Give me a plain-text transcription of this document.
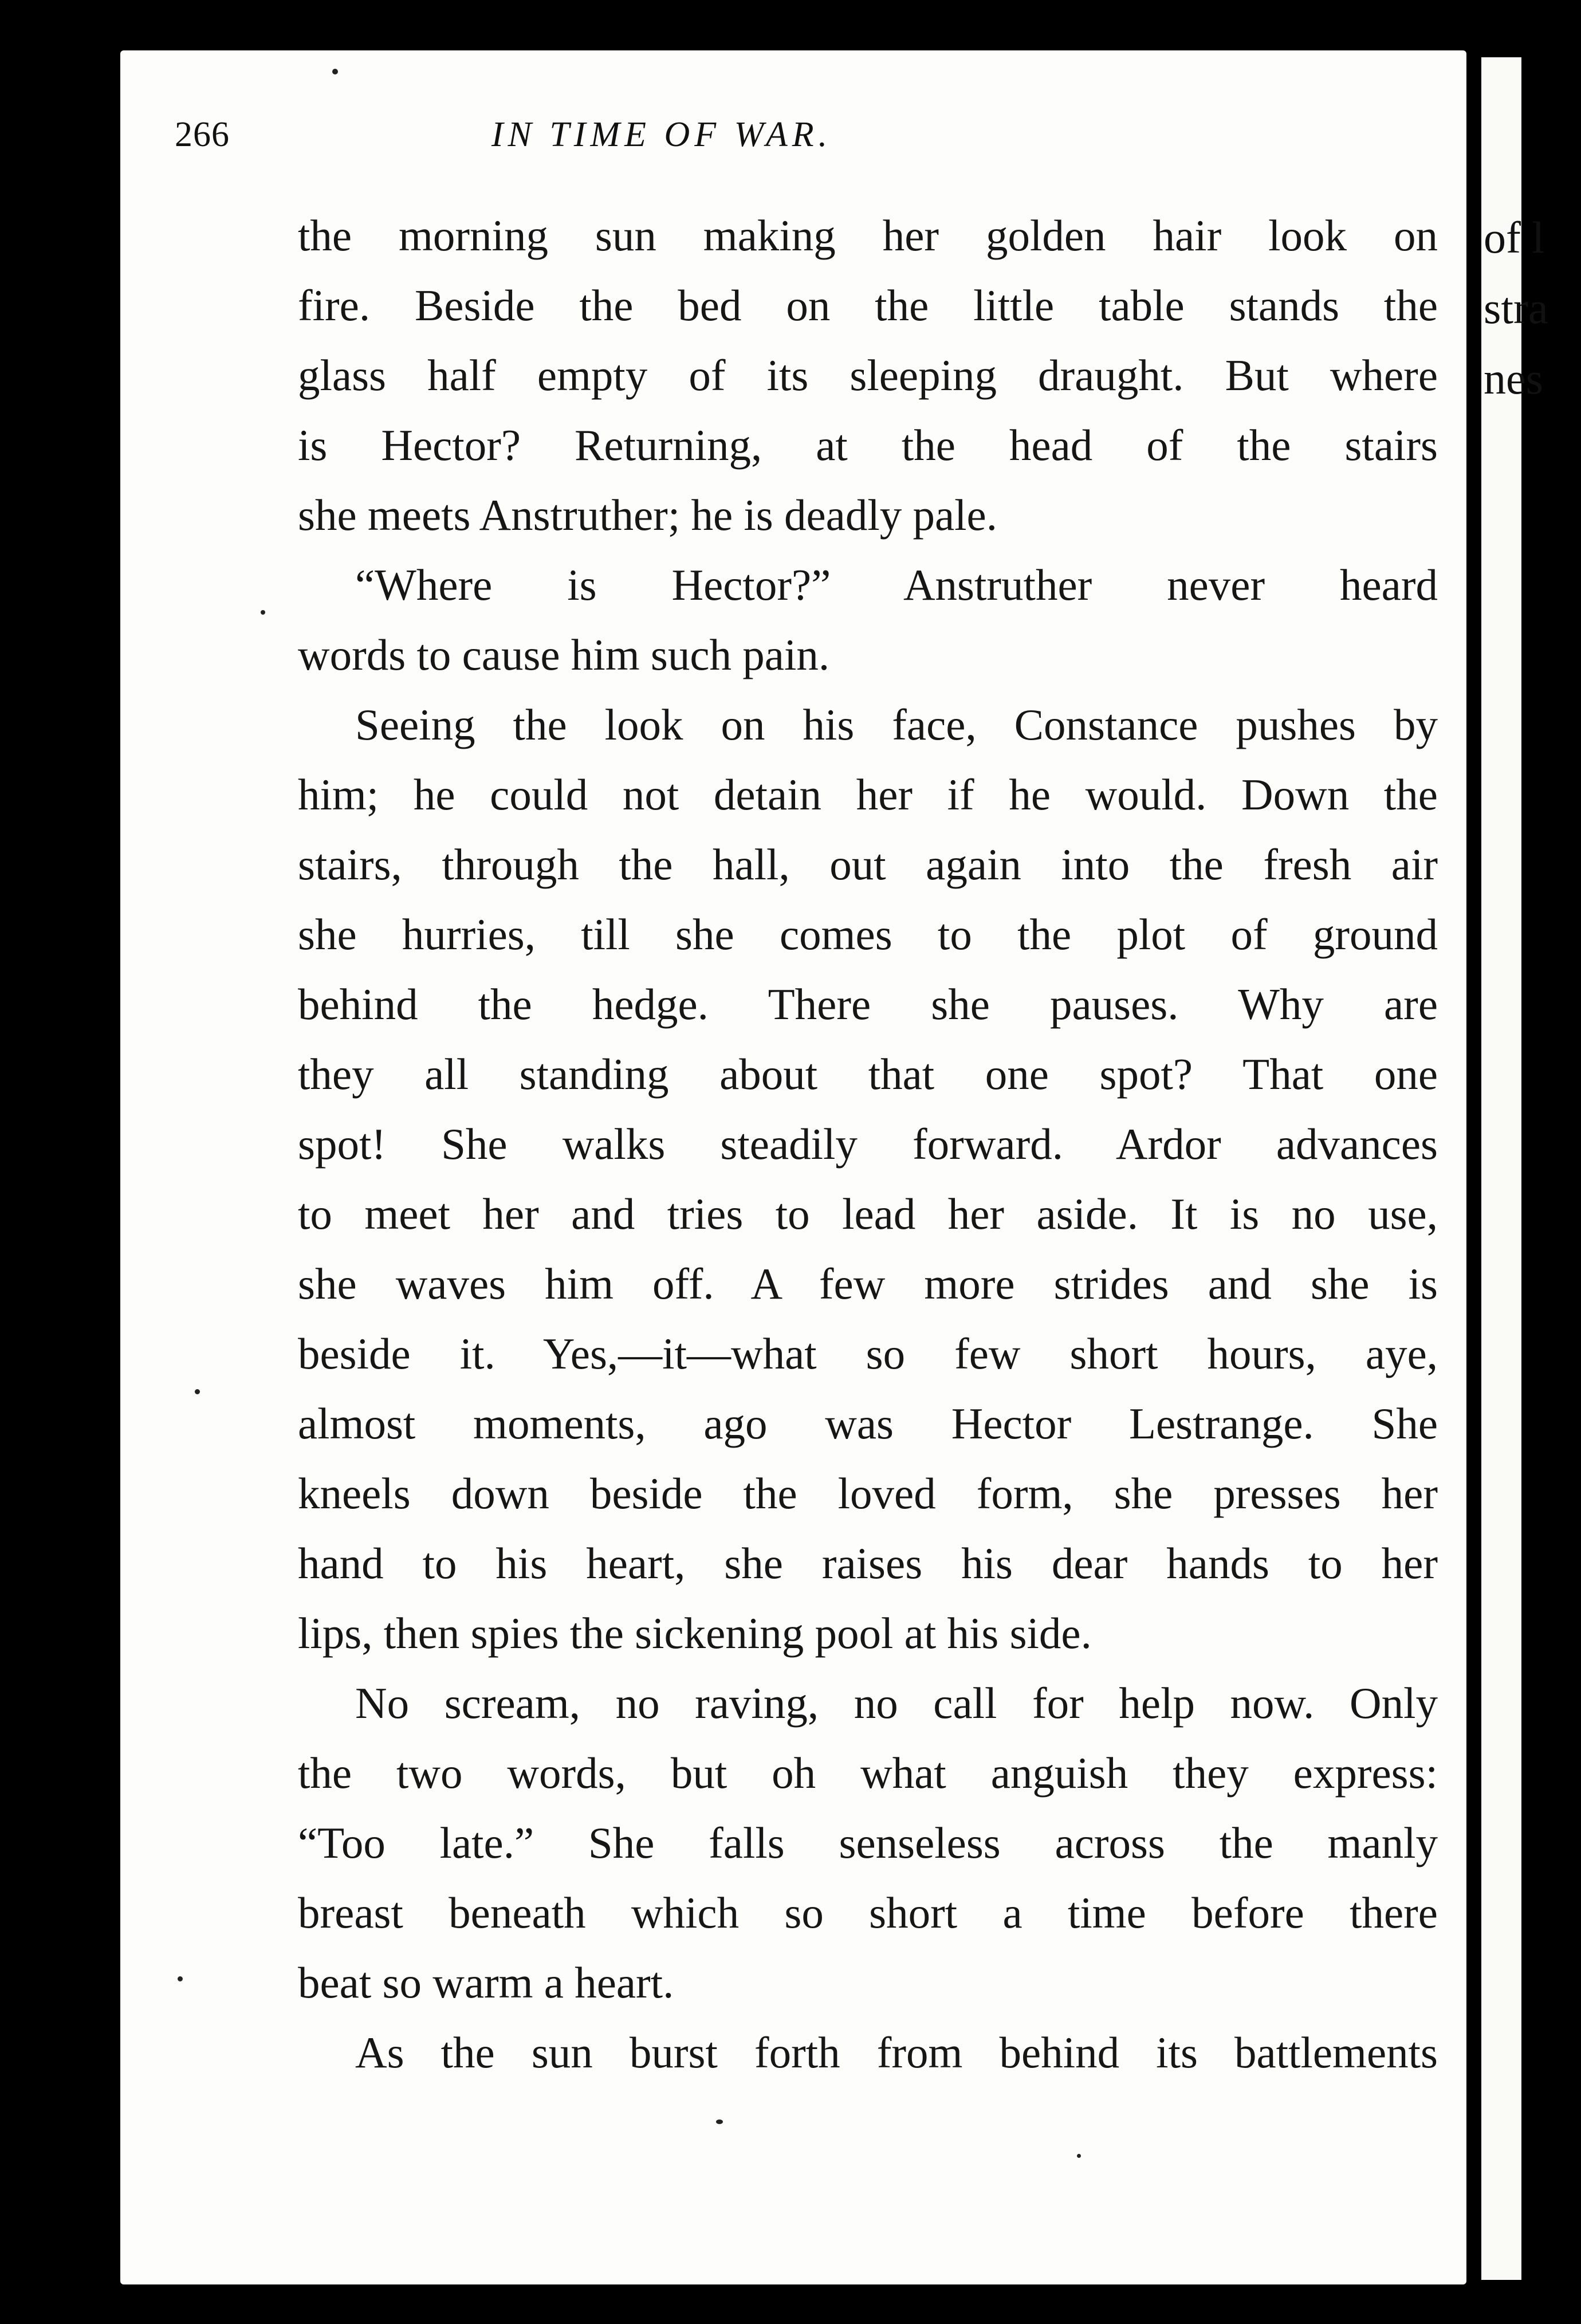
of l
stra
nes
266	IN TIME OF WAR.
the morning sun making her golden hair look on
fire. Beside the bed on the little table stands the
glass half empty of its sleeping draught. But where
is Hector? Returning, at the head of the stairs
she meets Anstruther; he is deadly pale.
“Where is Hector?” Anstruther never heard
words to cause him such pain.
Seeing the look on his face, Constance pushes by
him; he could not detain her if he would. Down the
stairs, through the hall, out again into the fresh air
she hurries, till she comes to the plot of ground
behind the hedge. There she pauses. Why are
they all standing about that one spot? That one
spot! She walks steadily forward. Ardor advances
to meet her and tries to lead her aside. It is no use,
she waves him off. A few more strides and she is
beside it. Yes,—it—what so few short hours, aye,
almost moments, ago was Hector Lestrange. She
kneels down beside the loved form, she presses her
hand to his heart, she raises his dear hands to her
lips, then spies the sickening pool at his side.
No scream, no raving, no call for help now. Only
the two words, but oh what anguish they express:
“Too late.” She falls senseless across the manly
breast beneath which so short a time before there
beat so warm a heart.
As the sun burst forth from behind its battlements
